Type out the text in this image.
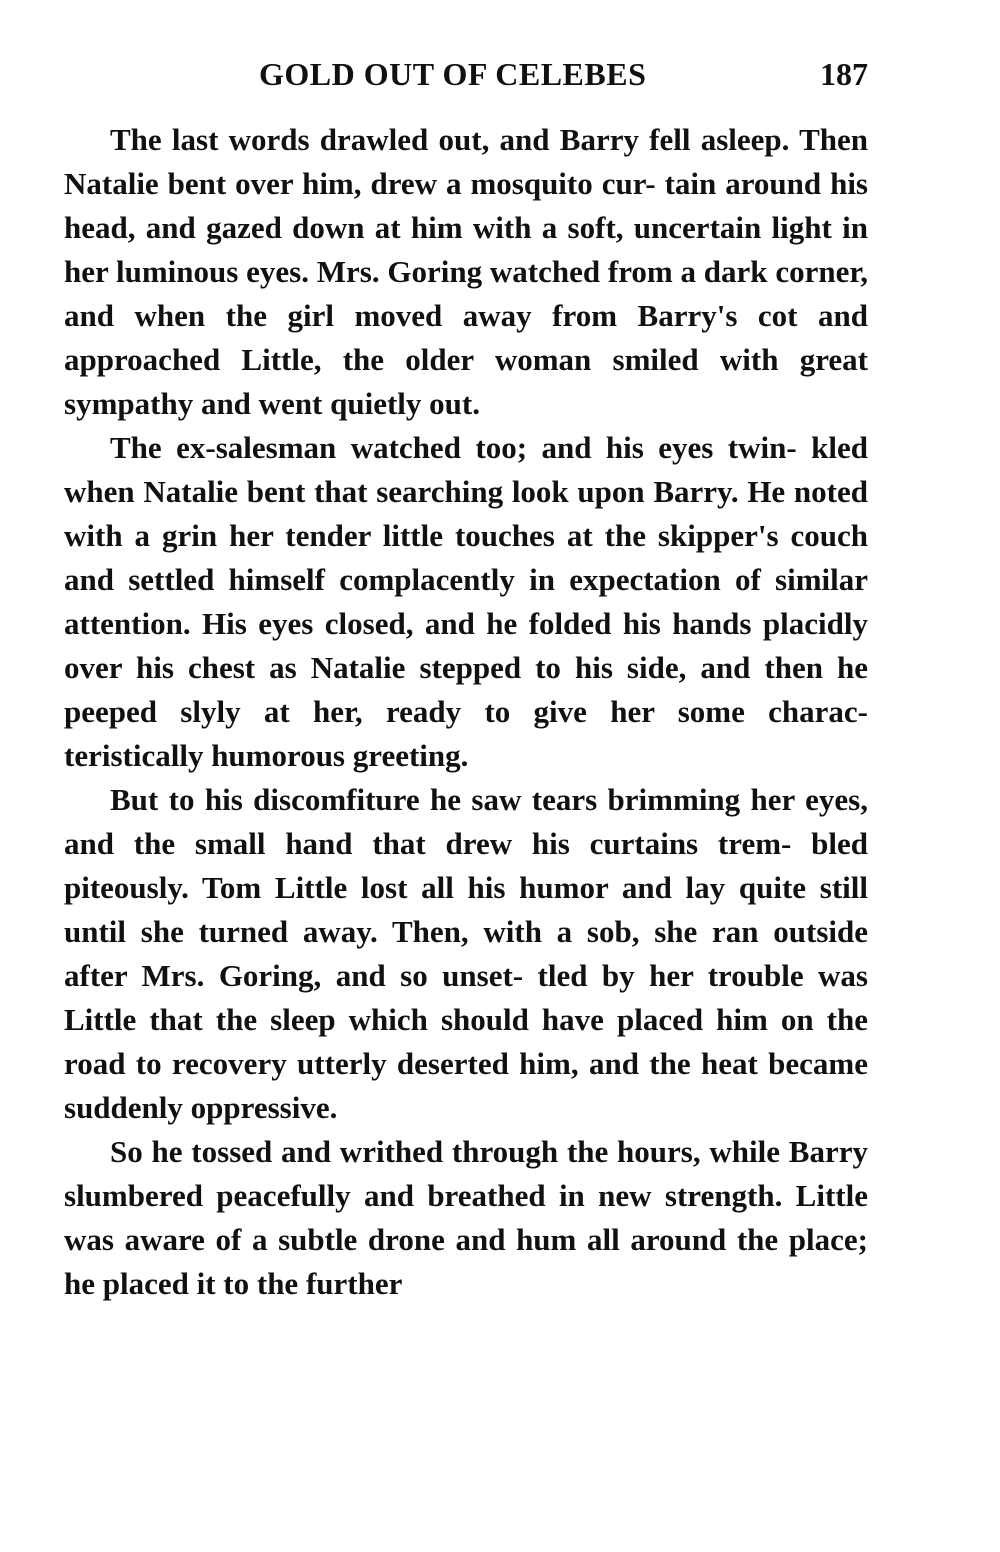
GOLD OUT OF CELEBES	187

The last words drawled out, and Barry fell asleep. Then Natalie bent over him, drew a mosquito cur- tain around his head, and gazed down at him with a soft, uncertain light in her luminous eyes. Mrs. Goring watched from a dark corner, and when the girl moved away from Barry's cot and approached Little, the older woman smiled with great sympathy and went quietly out.

The ex-salesman watched too; and his eyes twin- kled when Natalie bent that searching look upon Barry. He noted with a grin her tender little touches at the skipper's couch and settled himself complacently in expectation of similar attention. His eyes closed, and he folded his hands placidly over his chest as Natalie stepped to his side, and then he peeped slyly at her, ready to give her some charac- teristically humorous greeting.

But to his discomfiture he saw tears brimming her eyes, and the small hand that drew his curtains trem- bled piteously. Tom Little lost all his humor and lay quite still until she turned away. Then, with a sob, she ran outside after Mrs. Goring, and so unset- tled by her trouble was Little that the sleep which should have placed him on the road to recovery utterly deserted him, and the heat became suddenly oppressive.

So he tossed and writhed through the hours, while Barry slumbered peacefully and breathed in new strength. Little was aware of a subtle drone and hum all around the place; he placed it to the further
